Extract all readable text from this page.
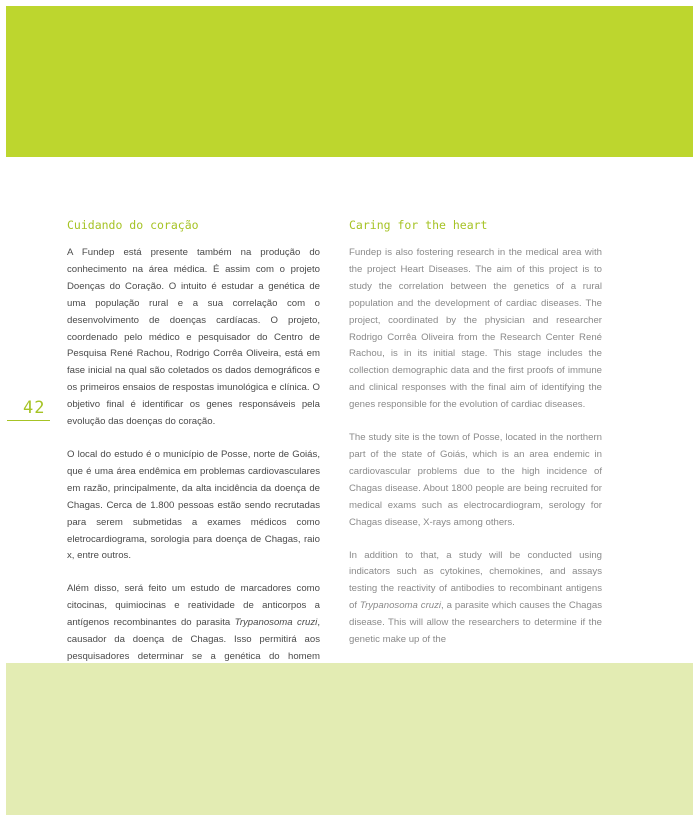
42
Cuidando do coração

A Fundep está presente também na produção do conhecimento na área médica. É assim com o projeto Doenças do Coração. O intuito é estudar a genética de uma população rural e a sua correlação com o desenvolvimento de doenças cardíacas. O projeto, coordenado pelo médico e pesquisador do Centro de Pesquisa René Rachou, Rodrigo Corrêa Oliveira, está em fase inicial na qual são coletados os dados demográficos e os primeiros ensaios de respostas imunológica e clínica. O objetivo final é identificar os genes responsáveis pela evolução das doenças do coração.

O local do estudo é o município de Posse, norte de Goiás, que é uma área endêmica em problemas cardiovasculares em razão, principalmente, da alta incidência da doença de Chagas. Cerca de 1.800 pessoas estão sendo recrutadas para serem submetidas a exames médicos como eletrocardiograma, sorologia para doença de Chagas, raio x, entre outros.

Além disso, será feito um estudo de marcadores como citocinas, quimiocinas e reatividade de anticorpos a antígenos recombinantes do parasita Trypanosoma cruzi, causador da doença de Chagas. Isso permitirá aos pesquisadores determinar se a genética do homem

Caring for the heart

Fundep is also fostering research in the medical area with the project Heart Diseases. The aim of this project is to study the correlation between the genetics of a rural population and the development of cardiac diseases. The project, coordinated by the physician and researcher Rodrigo Corrêa Oliveira from the Research Center René Rachou, is in its initial stage. This stage includes the collection demographic data and the first proofs of immune and clinical responses with the final aim of identifying the genes responsible for the evolution of cardiac diseases.

The study site is the town of Posse, located in the northern part of the state of Goiás, which is an area endemic in cardiovascular problems due to the high incidence of Chagas disease. About 1800 people are being recruited for medical exams such as electrocardiogram, serology for Chagas disease, X-rays among others.

In addition to that, a study will be conducted using indicators such as cytokines, chemokines, and assays testing the reactivity of antibodies to recombinant antigens of Trypanosoma cruzi, a parasite which causes the Chagas disease. This will allow the researchers to determine if the genetic make up of the
